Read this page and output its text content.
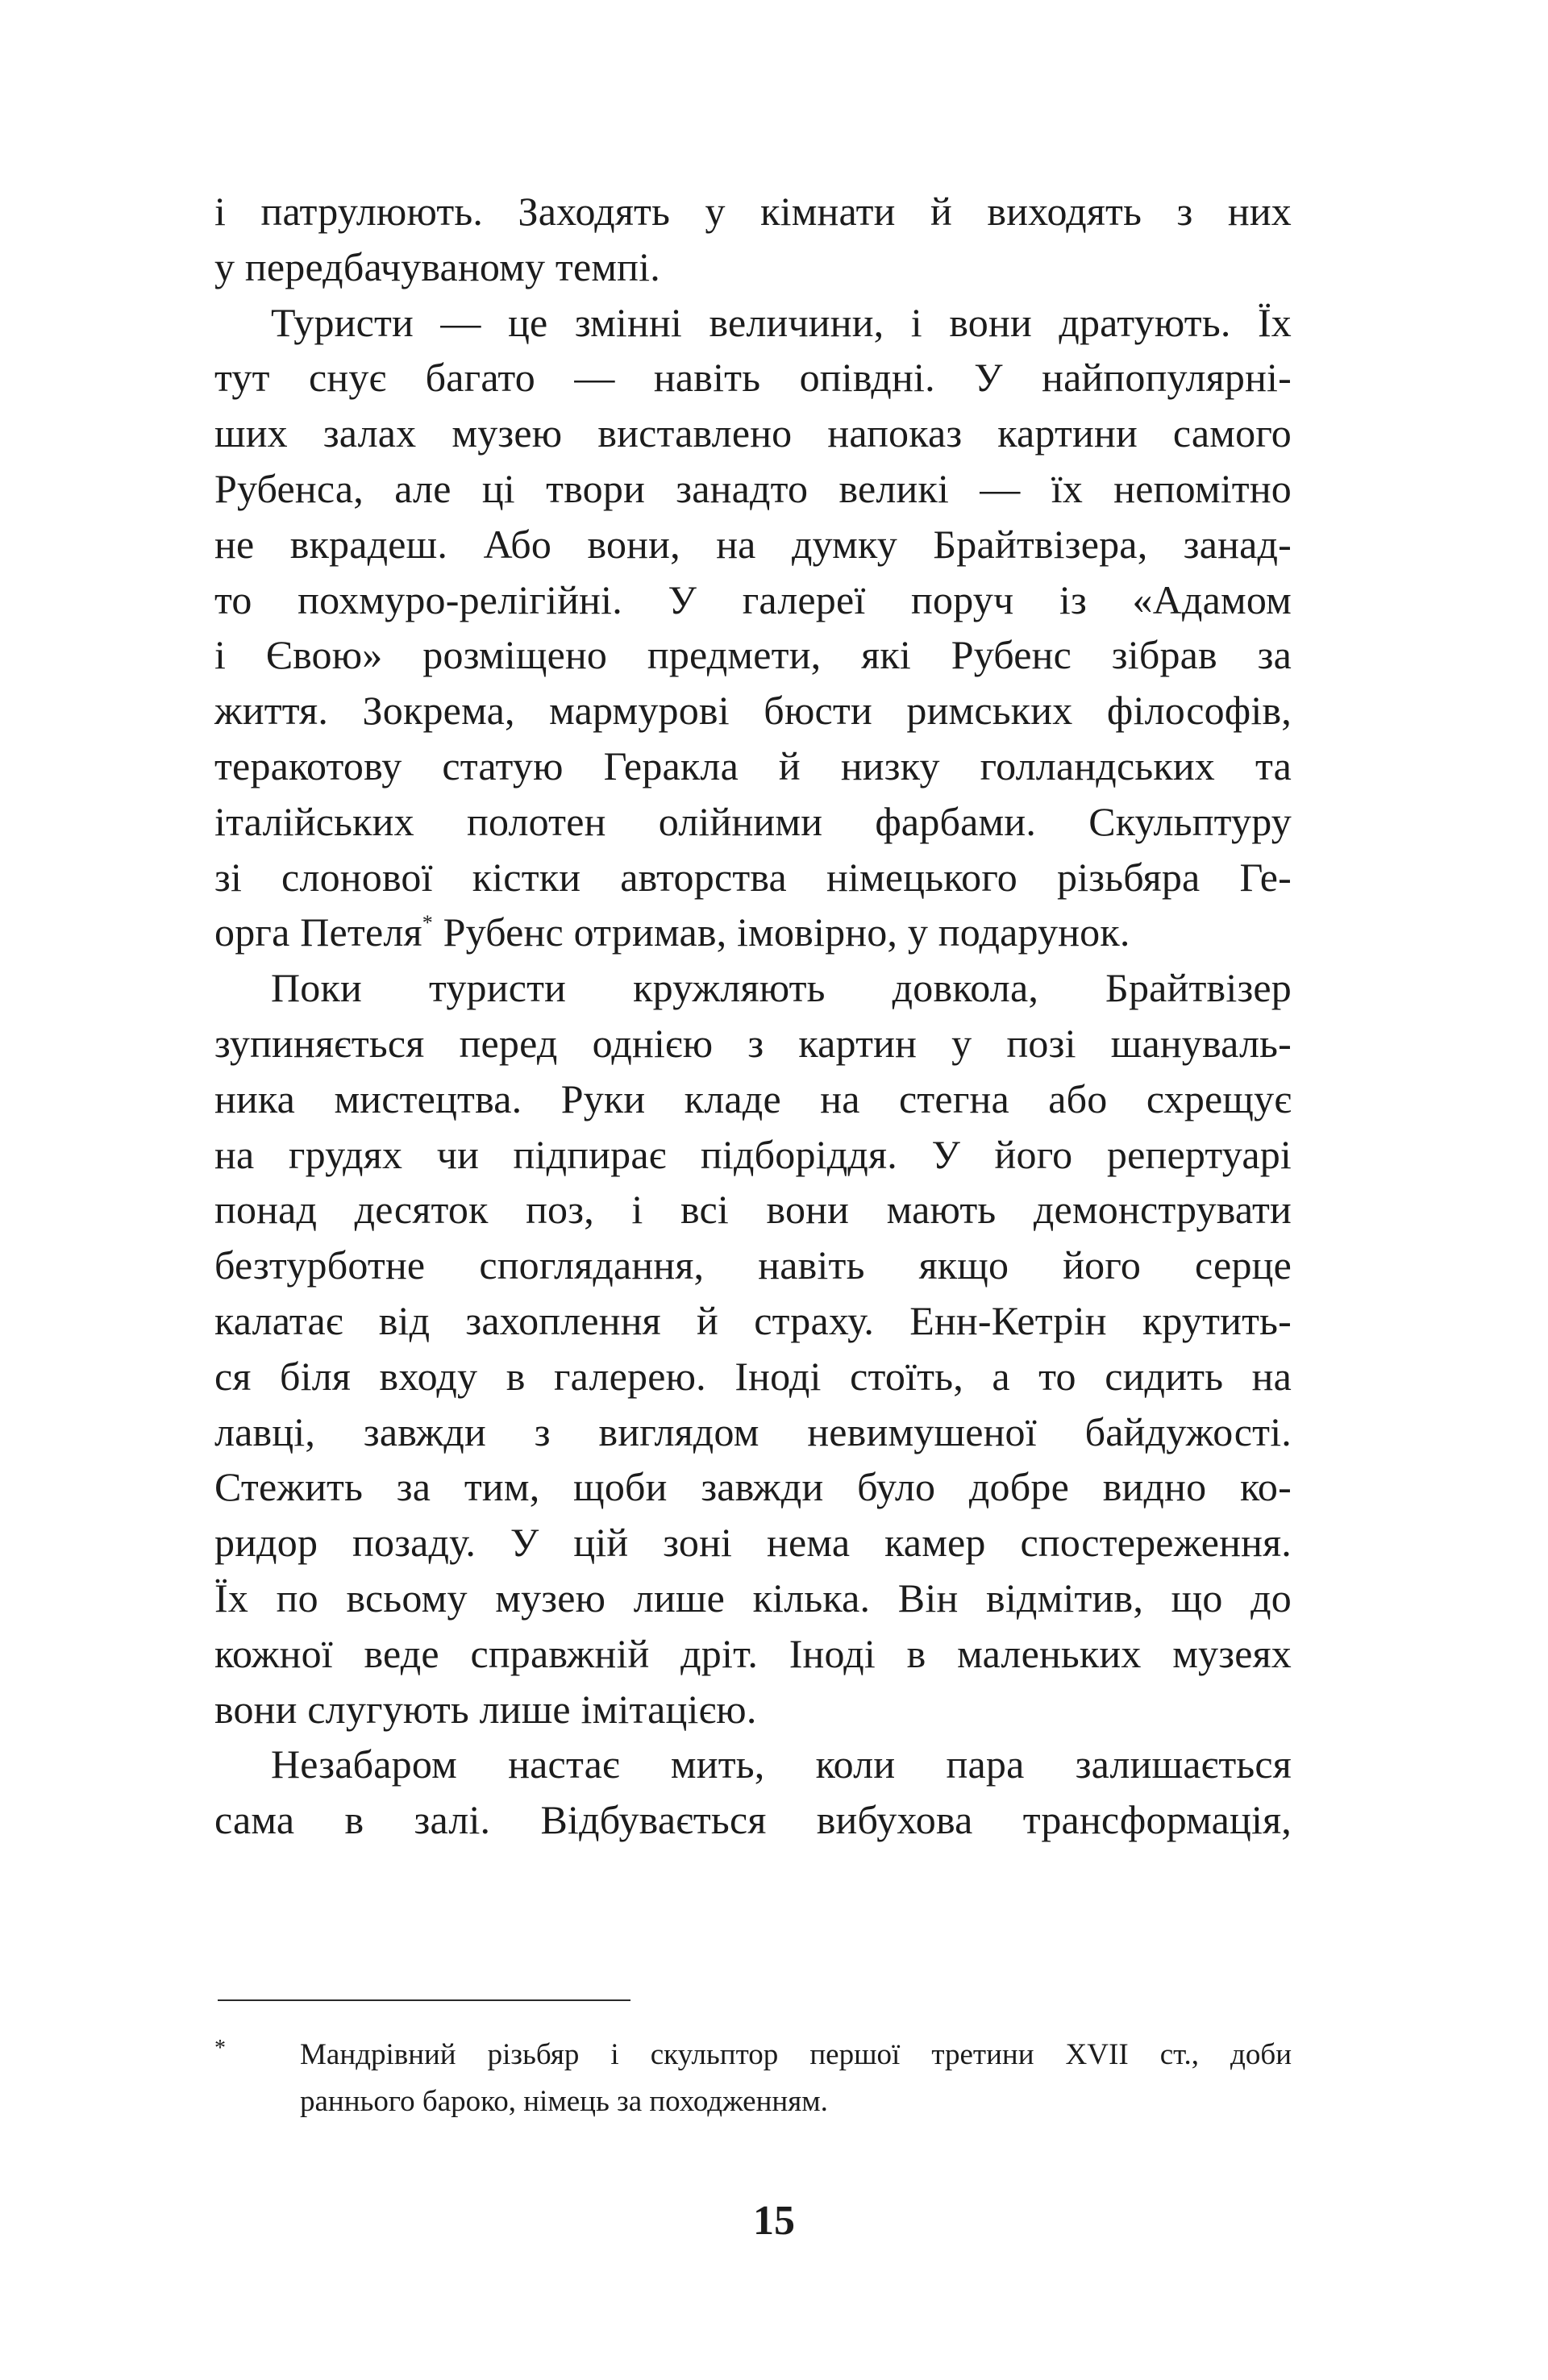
і патрулюють. Заходять у кімнати й виходять з них
у передбачуваному темпі.
Туристи — це змінні величини, і вони дратують. Їх
тут снує багато — навіть опівдні. У найпопулярні-
ших залах музею виставлено напоказ картини самого
Рубенса, але ці твори занадто великі — їх непомітно
не вкрадеш. Або вони, на думку Брайтвізера, занад-
то похмуро-релігійні. У галереї поруч із «Адамом
і Євою» розміщено предмети, які Рубенс зібрав за
життя. Зокрема, мармурові бюсти римських філософів,
теракотову статую Геракла й низку голландських та
італійських полотен олійними фарбами. Скульптуру
зі слонової кістки авторства німецького різьбяра Ге-
орга Петеля* Рубенс отримав, імовірно, у подарунок.
Поки туристи кружляють довкола, Брайтвізер
зупиняється перед однією з картин у позі шануваль-
ника мистецтва. Руки кладе на стегна або схрещує
на грудях чи підпирає підборіддя. У його репертуарі
понад десяток поз, і всі вони мають демонструвати
безтурботне споглядання, навіть якщо його серце
калатає від захоплення й страху. Енн-Кетрін крутить-
ся біля входу в галерею. Іноді стоїть, а то сидить на
лавці, завжди з виглядом невимушеної байдужості.
Стежить за тим, щоби завжди було добре видно ко-
ридор позаду. У цій зоні нема камер спостереження.
Їх по всьому музею лише кілька. Він відмітив, що до
кожної веде справжній дріт. Іноді в маленьких музеях
вони слугують лише імітацією.
Незабаром настає мить, коли пара залишається
сама в залі. Відбувається вибухова трансформація,
*	Мандрівний різьбяр і скульптор першої третини XVII ст., доби
раннього бароко, німець за походженням.
15
